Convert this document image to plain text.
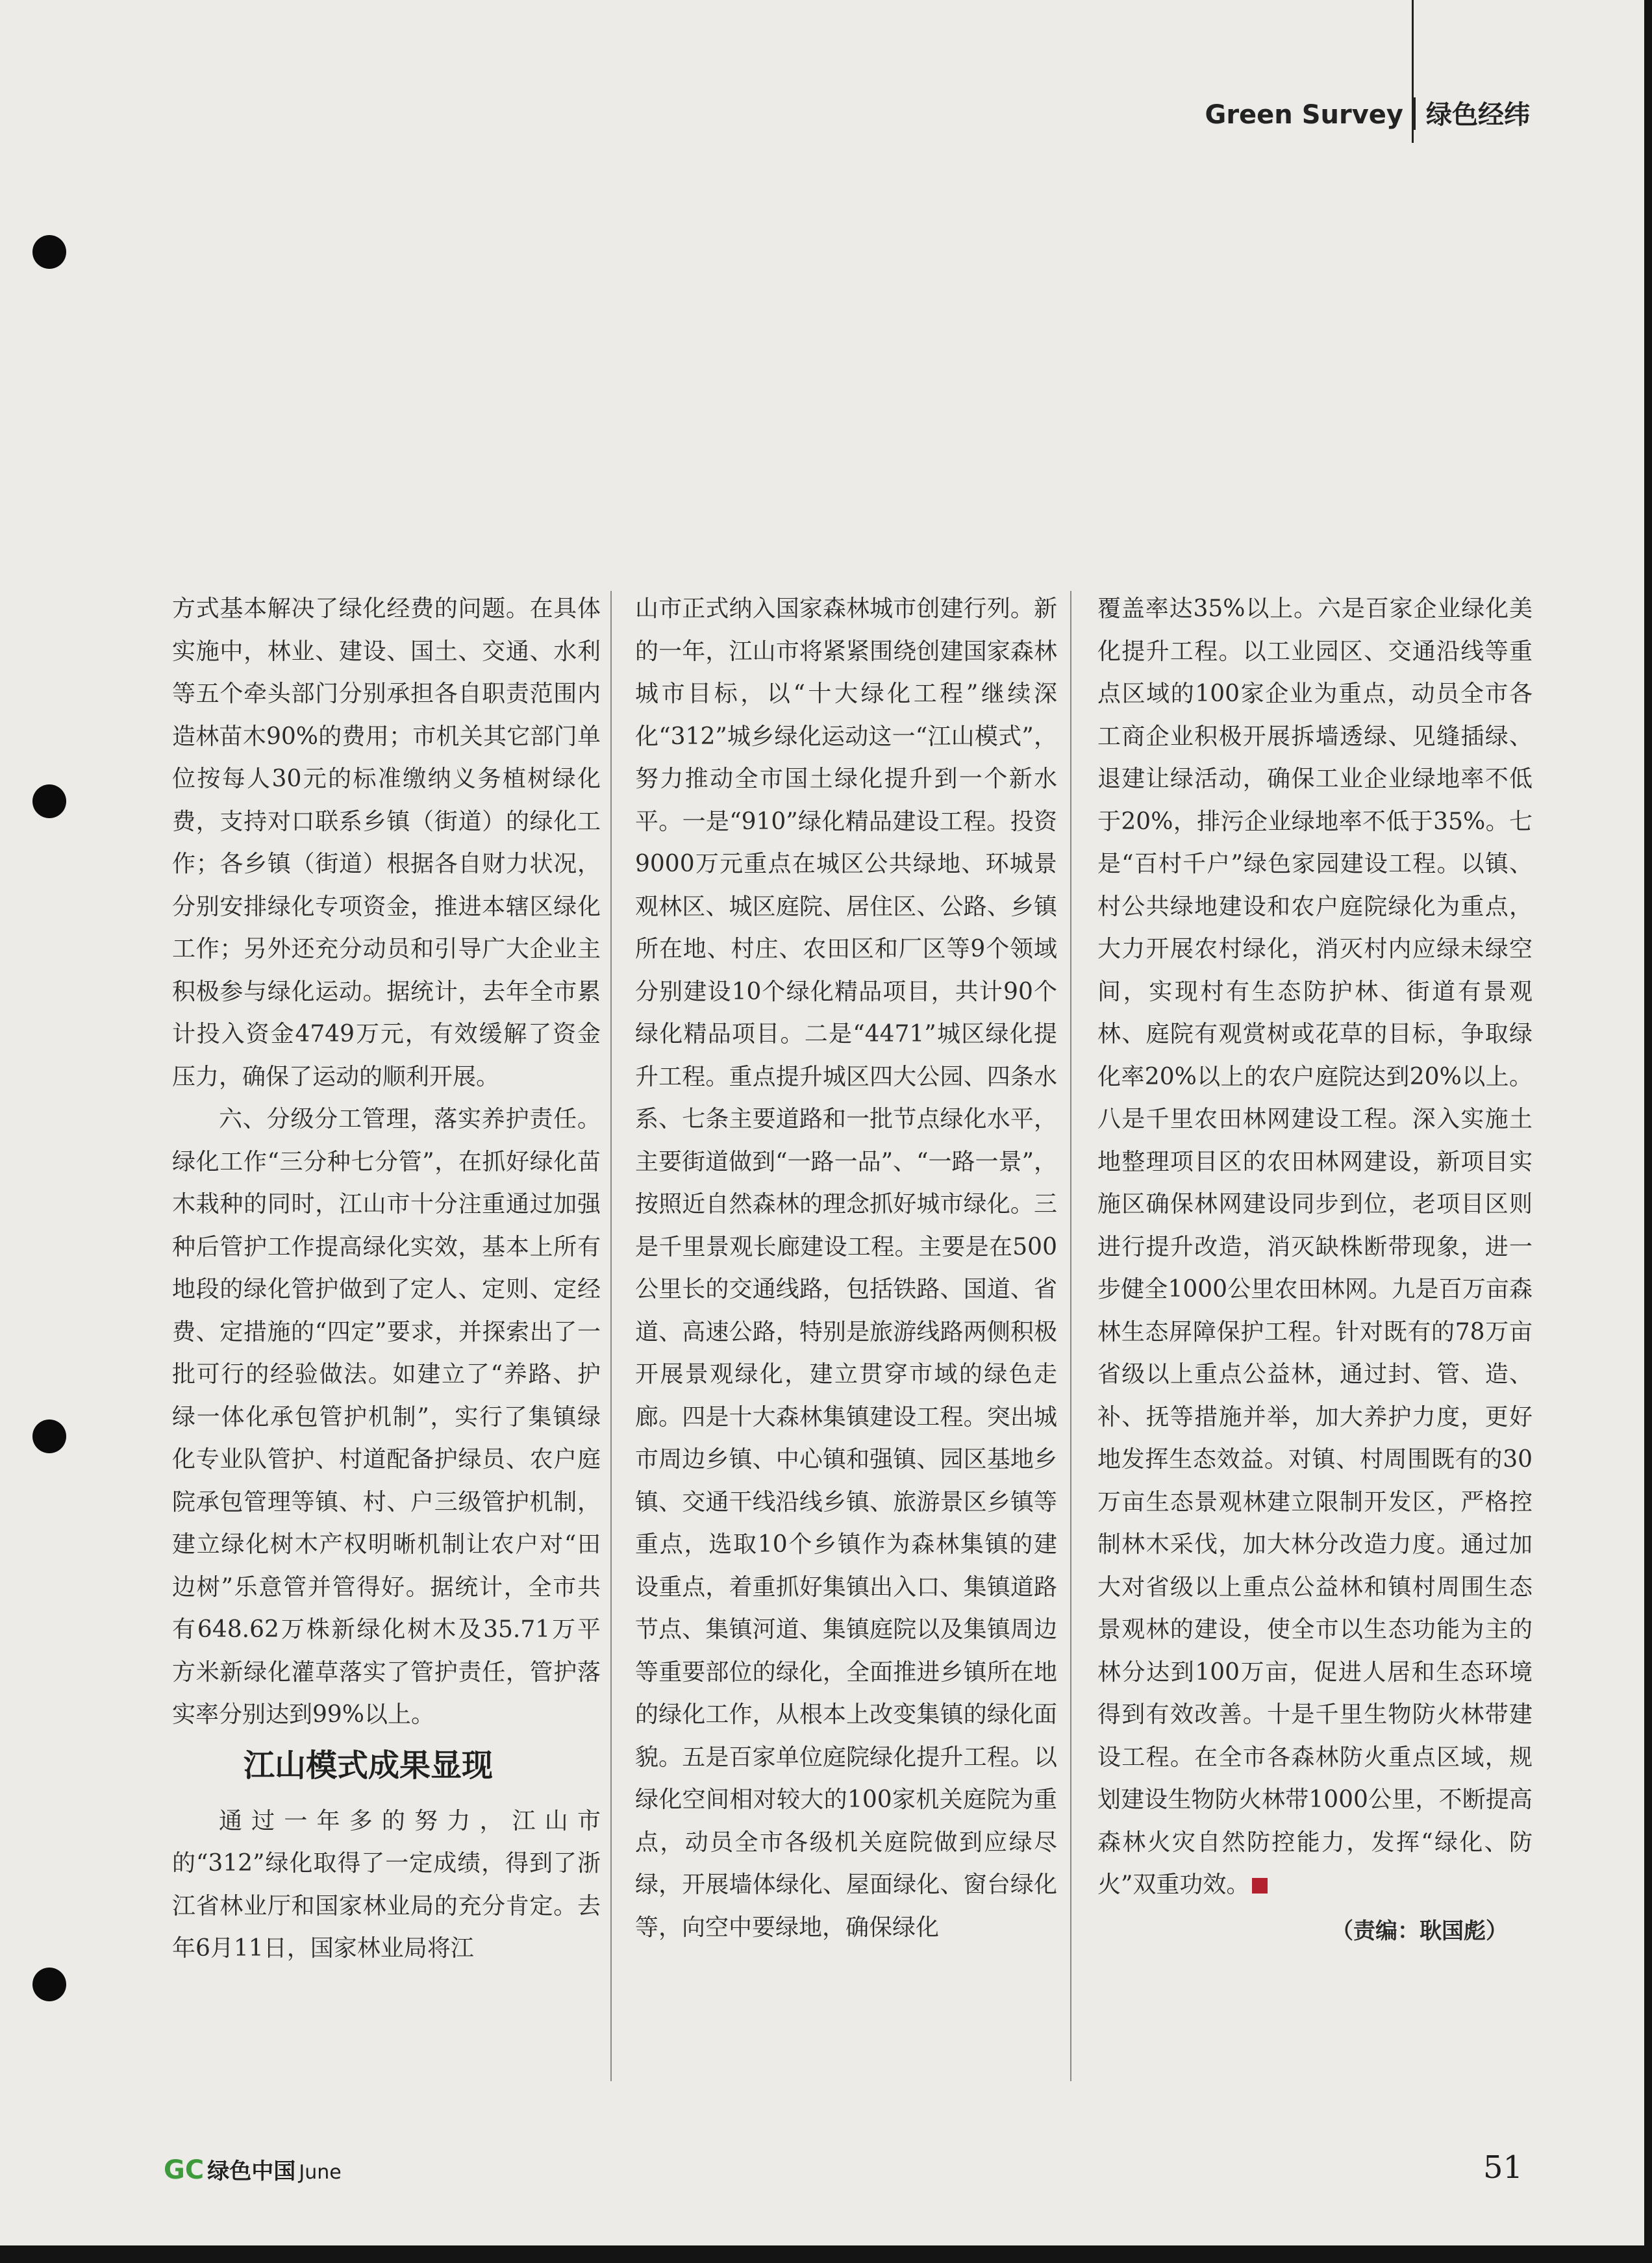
Green Survey 绿色经纬

方式基本解决了绿化经费的问题。在具体实施中，林业、建设、国土、交通、水利等五个牵头部门分别承担各自职责范围内造林苗木90%的费用；市机关其它部门单位按每人30元的标准缴纳义务植树绿化费，支持对口联系乡镇（街道）的绿化工作；各乡镇（街道）根据各自财力状况，分别安排绿化专项资金，推进本辖区绿化工作；另外还充分动员和引导广大企业主积极参与绿化运动。据统计，去年全市累计投入资金4749万元，有效缓解了资金压力，确保了运动的顺利开展。

六、分级分工管理，落实养护责任。绿化工作“三分种七分管”，在抓好绿化苗木栽种的同时，江山市十分注重通过加强种后管护工作提高绿化实效，基本上所有地段的绿化管护做到了定人、定则、定经费、定措施的“四定”要求，并探索出了一批可行的经验做法。如建立了“养路、护绿一体化承包管护机制”，实行了集镇绿化专业队管护、村道配备护绿员、农户庭院承包管理等镇、村、户三级管护机制，建立绿化树木产权明晰机制让农户对“田边树”乐意管并管得好。据统计，全市共有648.62万株新绿化树木及35.71万平方米新绿化灌草落实了管护责任，管护落实率分别达到99%以上。

江山模式成果显现

通过一年多的努力，江山市的“312”绿化取得了一定成绩，得到了浙江省林业厅和国家林业局的充分肯定。去年6月11日，国家林业局将江

山市正式纳入国家森林城市创建行列。新的一年，江山市将紧紧围绕创建国家森林城市目标，以“十大绿化工程”继续深化“312”城乡绿化运动这一“江山模式”，努力推动全市国土绿化提升到一个新水平。一是“910”绿化精品建设工程。投资9000万元重点在城区公共绿地、环城景观林区、城区庭院、居住区、公路、乡镇所在地、村庄、农田区和厂区等9个领域分别建设10个绿化精品项目，共计90个绿化精品项目。二是“4471”城区绿化提升工程。重点提升城区四大公园、四条水系、七条主要道路和一批节点绿化水平，主要街道做到“一路一品”、“一路一景”，按照近自然森林的理念抓好城市绿化。三是千里景观长廊建设工程。主要是在500公里长的交通线路，包括铁路、国道、省道、高速公路，特别是旅游线路两侧积极开展景观绿化，建立贯穿市域的绿色走廊。四是十大森林集镇建设工程。突出城市周边乡镇、中心镇和强镇、园区基地乡镇、交通干线沿线乡镇、旅游景区乡镇等重点，选取10个乡镇作为森林集镇的建设重点，着重抓好集镇出入口、集镇道路节点、集镇河道、集镇庭院以及集镇周边等重要部位的绿化，全面推进乡镇所在地的绿化工作，从根本上改变集镇的绿化面貌。五是百家单位庭院绿化提升工程。以绿化空间相对较大的100家机关庭院为重点，动员全市各级机关庭院做到应绿尽绿，开展墙体绿化、屋面绿化、窗台绿化等，向空中要绿地，确保绿化

覆盖率达35%以上。六是百家企业绿化美化提升工程。以工业园区、交通沿线等重点区域的100家企业为重点，动员全市各工商企业积极开展拆墙透绿、见缝插绿、退建让绿活动，确保工业企业绿地率不低于20%，排污企业绿地率不低于35%。七是“百村千户”绿色家园建设工程。以镇、村公共绿地建设和农户庭院绿化为重点，大力开展农村绿化，消灭村内应绿未绿空间，实现村有生态防护林、街道有景观林、庭院有观赏树或花草的目标，争取绿化率20%以上的农户庭院达到20%以上。八是千里农田林网建设工程。深入实施土地整理项目区的农田林网建设，新项目实施区确保林网建设同步到位，老项目区则进行提升改造，消灭缺株断带现象，进一步健全1000公里农田林网。九是百万亩森林生态屏障保护工程。针对既有的78万亩省级以上重点公益林，通过封、管、造、补、抚等措施并举，加大养护力度，更好地发挥生态效益。对镇、村周围既有的30万亩生态景观林建立限制开发区，严格控制林木采伐，加大林分改造力度。通过加大对省级以上重点公益林和镇村周围生态景观林的建设，使全市以生态功能为主的林分达到100万亩，促进人居和生态环境得到有效改善。十是千里生物防火林带建设工程。在全市各森林防火重点区域，规划建设生物防火林带1000公里，不断提高森林火灾自然防控能力，发挥“绿化、防火”双重功效。

（责编：耿国彪）
GC 绿色中国 June	51
